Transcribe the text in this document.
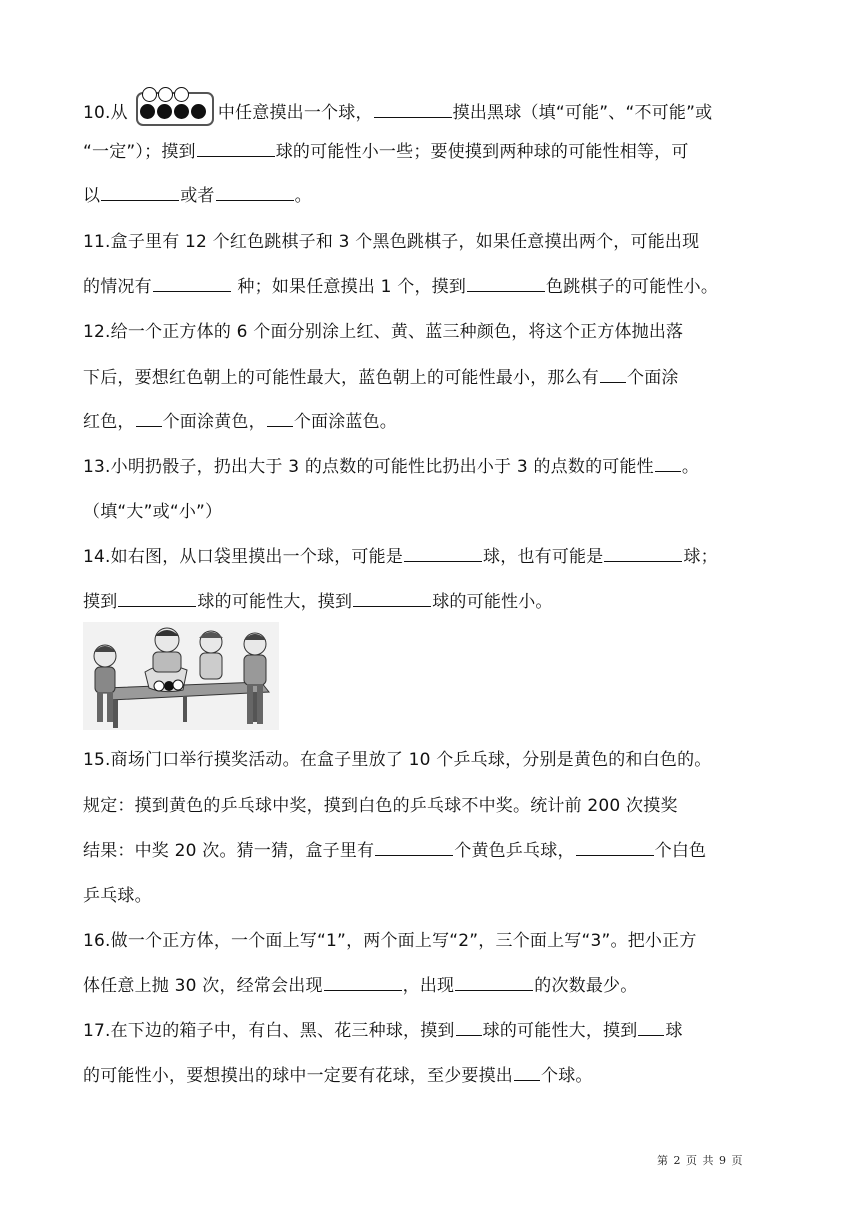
10.从	中任意摸出一个球，	摸出黑球（填“可能”、“不可能”或
“一定”）；摸到	球的可能性小一些；要使摸到两种球的可能性相等，可
以	或者	。
11.盒子里有 12 个红色跳棋子和 3 个黑色跳棋子，如果任意摸出两个，可能出现
的情况有	种；如果任意摸出 1 个，摸到	色跳棋子的可能性小。
12.给一个正方体的 6 个面分别涂上红、黄、蓝三种颜色，将这个正方体抛出落
下后，要想红色朝上的可能性最大，蓝色朝上的可能性最小，那么有 个面涂
红色， 个面涂黄色， 个面涂蓝色。
13.小明扔骰子，扔出大于 3 的点数的可能性比扔出小于 3 的点数的可能性 。
（填“大”或“小”）
14.如右图，从口袋里摸出一个球，可能是	球，也有可能是	球；
摸到	球的可能性大，摸到	球的可能性小。
15.商场门口举行摸奖活动。在盒子里放了 10 个乒乓球，分别是黄色的和白色的。
规定：摸到黄色的乒乓球中奖，摸到白色的乒乓球不中奖。统计前 200 次摸奖
结果：中奖 20 次。猜一猜，盒子里有	个黄色乒乓球，	个白色
乒乓球。
16.做一个正方体，一个面上写“1”，两个面上写“2”，三个面上写“3”。把小正方
体任意上抛 30 次，经常会出现	，出现	的次数最少。
17.在下边的箱子中，有白、黑、花三种球，摸到 球的可能性大，摸到 球
的可能性小，要想摸出的球中一定要有花球，至少要摸出 个球。
第 2 页 共 9 页
